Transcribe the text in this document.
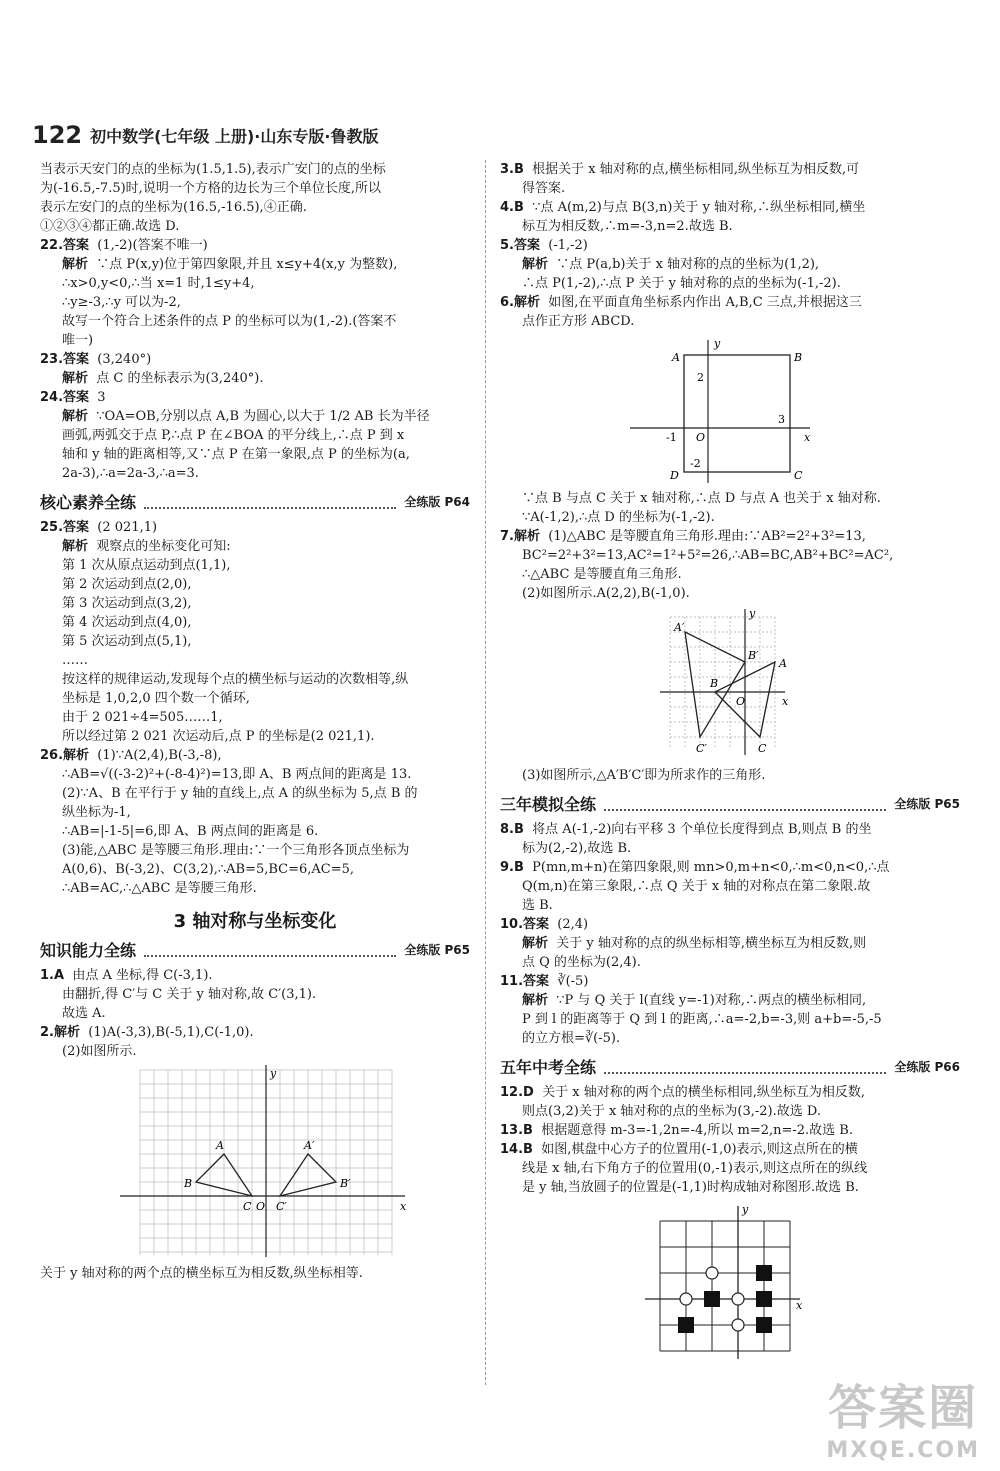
122 初中数学(七年级 上册)·山东专版·鲁教版
当表示天安门的点的坐标为(1.5,1.5),表示广安门的点的坐标
为(-16.5,-7.5)时,说明一个方格的边长为三个单位长度,所以
表示左安门的点的坐标为(16.5,-16.5),④正确.
①②③④都正确.故选 D.
22.答案 (1,-2)(答案不唯一)
解析 ∵点 P(x,y)位于第四象限,并且 x≤y+4(x,y 为整数),
∴x>0,y<0,∴当 x=1 时,1≤y+4,
∴y≥-3,∴y 可以为-2,
故写一个符合上述条件的点 P 的坐标可以为(1,-2).(答案不
唯一)
23.答案 (3,240°)
解析 点 C 的坐标表示为(3,240°).
24.答案 3
解析 ∵OA=OB,分别以点 A,B 为圆心,以大于 1/2 AB 长为半径
画弧,两弧交于点 P,∴点 P 在∠BOA 的平分线上,∴点 P 到 x
轴和 y 轴的距离相等,又∵点 P 在第一象限,点 P 的坐标为(a,
2a-3),∴a=2a-3,∴a=3.
核心素养全练	全练版 P64
25.答案 (2 021,1)
解析 观察点的坐标变化可知:
第 1 次从原点运动到点(1,1),
第 2 次运动到点(2,0),
第 3 次运动到点(3,2),
第 4 次运动到点(4,0),
第 5 次运动到点(5,1),
……
按这样的规律运动,发现每个点的横坐标与运动的次数相等,纵
坐标是 1,0,2,0 四个数一个循环,
由于 2 021÷4=505……1,
所以经过第 2 021 次运动后,点 P 的坐标是(2 021,1).
26.解析 (1)∵A(2,4),B(-3,-8),
∴AB=√((-3-2)²+(-8-4)²)=13,即 A、B 两点间的距离是 13.
(2)∵A、B 在平行于 y 轴的直线上,点 A 的纵坐标为 5,点 B 的
纵坐标为-1,
∴AB=|-1-5|=6,即 A、B 两点间的距离是 6.
(3)能,△ABC 是等腰三角形.理由:∵一个三角形各顶点坐标为
A(0,6)、B(-3,2)、C(3,2),∴AB=5,BC=6,AC=5,
∴AB=AC,∴△ABC 是等腰三角形.
3 轴对称与坐标变化
知识能力全练	全练版 P65
1.A 由点 A 坐标,得 C(-3,1).
由翻折,得 C′与 C 关于 y 轴对称,故 C′(3,1).
故选 A.
2.解析 (1)A(-3,3),B(-5,1),C(-1,0).
(2)如图所示.
A
B
C O
A′
B′
C′	x
y
关于 y 轴对称的两个点的横坐标互为相反数,纵坐标相等.
3.B 根据关于 x 轴对称的点,横坐标相同,纵坐标互为相反数,可
得答案.
4.B ∵点 A(m,2)与点 B(3,n)关于 y 轴对称,∴纵坐标相同,横坐
标互为相反数,∴m=-3,n=2.故选 B.
5.答案 (-1,-2)
解析 ∵点 P(a,b)关于 x 轴对称的点的坐标为(1,2),
∴点 P(1,-2),∴点 P 关于 y 轴对称的点的坐标为(-1,-2).
6.解析 如图,在平面直角坐标系内作出 A,B,C 三点,并根据这三
点作正方形 ABCD.
A	B
C
D
O
y
x
2
3
-1
-2
∵点 B 与点 C 关于 x 轴对称,∴点 D 与点 A 也关于 x 轴对称.
∵A(-1,2),∴点 D 的坐标为(-1,-2).
7.解析 (1)△ABC 是等腰直角三角形.理由:∵AB²=2²+3²=13,
BC²=2²+3²=13,AC²=1²+5²=26,∴AB=BC,AB²+BC²=AC²,
∴△ABC 是等腰直角三角形.
(2)如图所示.A(2,2),B(-1,0).
A
B
C
O
A′
B′
C′
x
y
(3)如图所示,△A′B′C′即为所求作的三角形.
三年模拟全练	全练版 P65
8.B 将点 A(-1,-2)向右平移 3 个单位长度得到点 B,则点 B 的坐
标为(2,-2),故选 B.
9.B P(mn,m+n)在第四象限,则 mn>0,m+n<0,∴m<0,n<0,∴点
Q(m,n)在第三象限,∴点 Q 关于 x 轴的对称点在第二象限.故
选 B.
10.答案 (2,4)
解析 关于 y 轴对称的点的纵坐标相等,横坐标互为相反数,则
点 Q 的坐标为(2,4).
11.答案 ∛(-5)
解析 ∵P 与 Q 关于 l(直线 y=-1)对称,∴两点的横坐标相同,
P 到 l 的距离等于 Q 到 l 的距离,∴a=-2,b=-3,则 a+b=-5,-5
的立方根=∛(-5).
五年中考全练	全练版 P66
12.D 关于 x 轴对称的两个点的横坐标相同,纵坐标互为相反数,
则点(3,2)关于 x 轴对称的点的坐标为(3,-2).故选 D.
13.B 根据题意得 m-3=-1,2n=-4,所以 m=2,n=-2.故选 B.
14.B 如图,棋盘中心方子的位置用(-1,0)表示,则这点所在的横
线是 x 轴,右下角方子的位置用(0,-1)表示,则这点所在的纵线
是 y 轴,当放圆子的位置是(-1,1)时构成轴对称图形.故选 B.
x
y
答案圈
MXQE.COM
